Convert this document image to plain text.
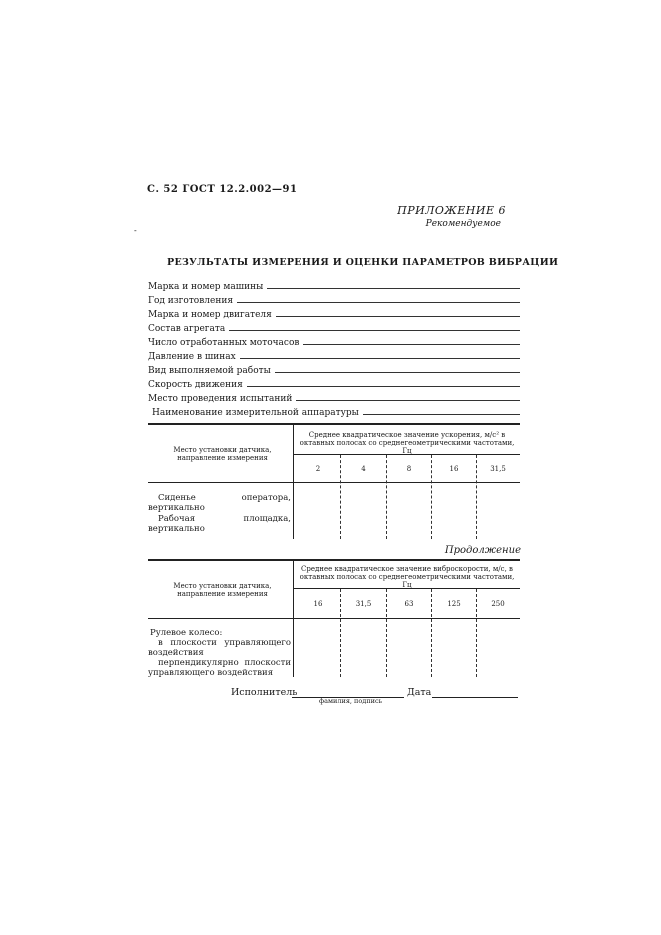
С. 52 ГОСТ 12.2.002—91
ПРИЛОЖЕНИЕ 6
Рекомендуемое
-
РЕЗУЛЬТАТЫ ИЗМЕРЕНИЯ И ОЦЕНКИ ПАРАМЕТРОВ ВИБРАЦИИ
Марка и номер машины
Год изготовления
Марка и номер двигателя
Состав агрегата
Число отработанных моточасов
Давление в шинах
Вид выполняемой работы
Скорость движения
Место проведения испытаний
Наименование измерительной аппаратуры
Место установки датчика, направление измерения
Среднее квадратическое значение ускорения, м/с² в октавных полосах со среднегеометрическими частотами, Гц
2	4	8	16	31,5
Сиденье оператора, вертикально
Рабочая площадка, вертикально
Продолжение
Место установки датчика, направление измерения
Среднее квадратическое значение виброскорости, м/с, в октавных полосах со среднегеометрическими частотами, Гц
16	31,5	63	125	250
Рулевое колесо:
в плоскости управляющего воздействия
перпендикулярно плоскости управляющего воздействия
Исполнитель	Дата
фамилия, подпись
